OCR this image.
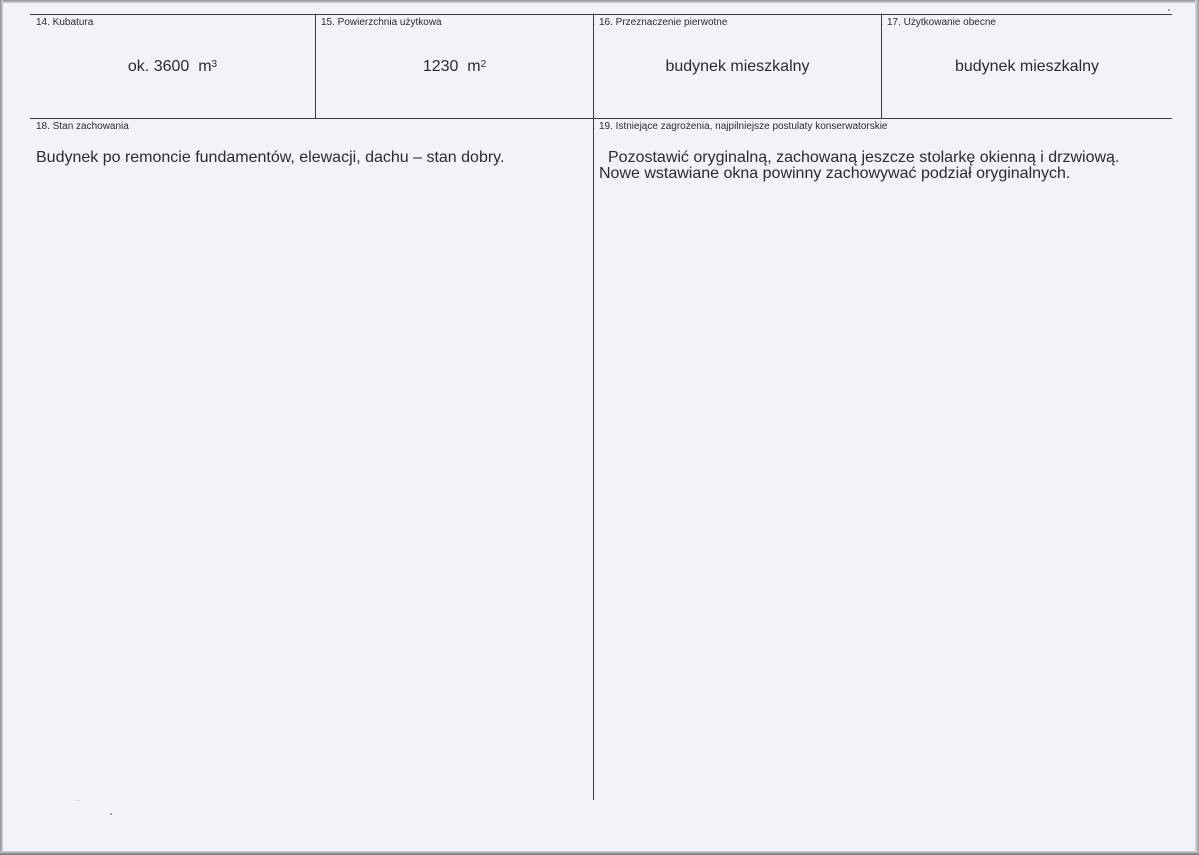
14. Kubatura
ok. 3600 $m^3$
15. Powierzchnia użytkowa
1230 $m^2$
16. Przeznaczenie pierwotne
budynek mieszkalny
17. Użytkowanie obecne
budynek mieszkalny
18. Stan zachowania
Budynek po remoncie fundamentów, elewacji, dachu – stan dobry.
19. Istniejące zagrożenia, najpilniejsze postulaty konserwatorskie
Pozostawić oryginalną, zachowaną jeszcze stolarkę okienną i drzwiową.
Nowe wstawiane okna powinny zachowywać podział oryginalnych.
